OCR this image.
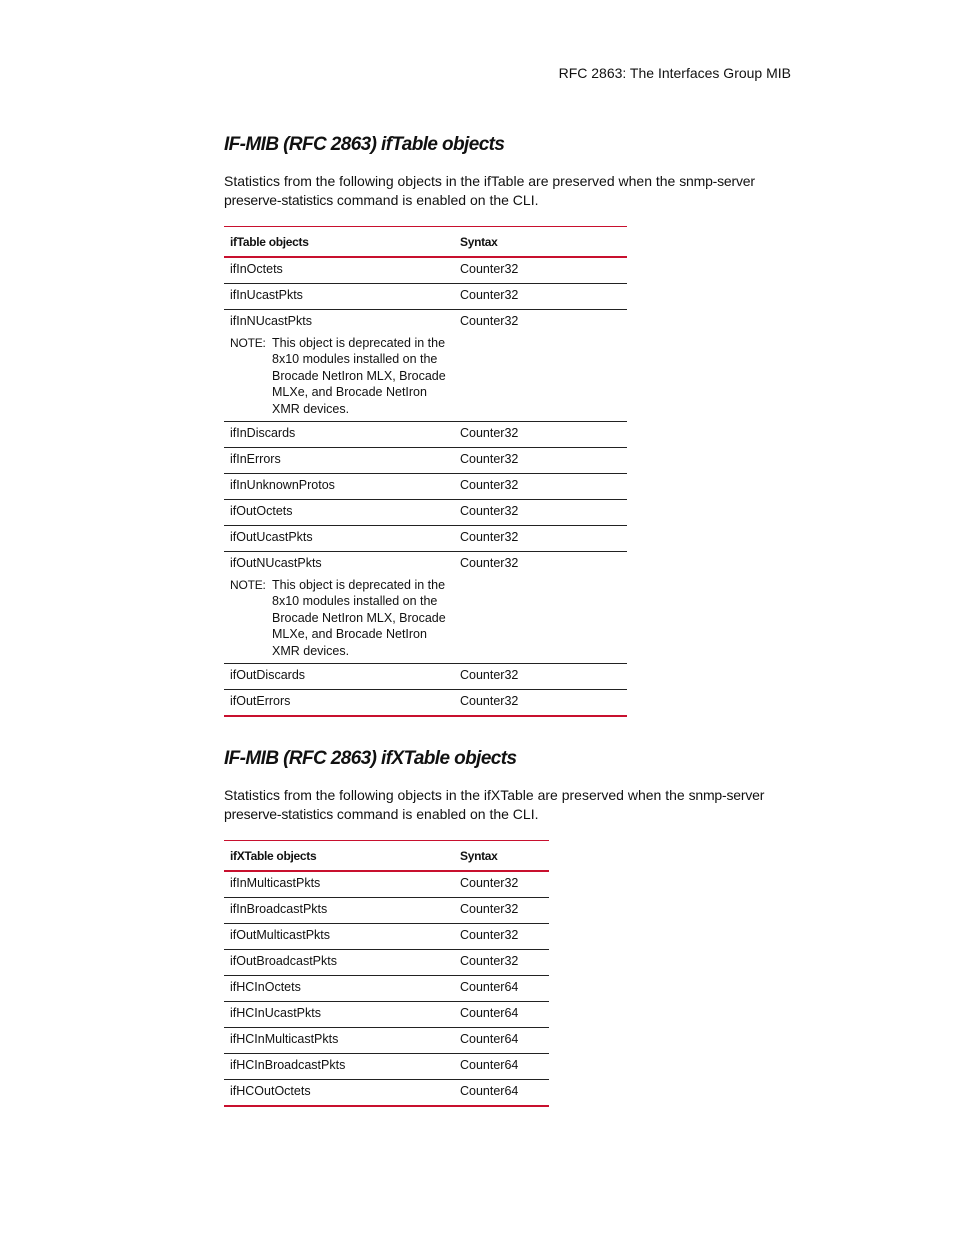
RFC 2863: The Interfaces Group MIB
IF-MIB (RFC 2863) ifTable objects

Statistics from the following objects in the ifTable are preserved when the snmp-server preserve-statistics command is enabled on the CLI.

ifTable objects	Syntax

ifInOctets	Counter32

ifInUcastPkts	Counter32

ifInNUcastPkts
NOTE: This object is deprecated in the 8x10 modules installed on the Brocade NetIron MLX, Brocade MLXe, and Brocade NetIron XMR devices.	Counter32

ifInDiscards	Counter32

ifInErrors	Counter32

ifInUnknownProtos	Counter32

ifOutOctets	Counter32

ifOutUcastPkts	Counter32

ifOutNUcastPkts
NOTE: This object is deprecated in the 8x10 modules installed on the Brocade NetIron MLX, Brocade MLXe, and Brocade NetIron XMR devices.	Counter32

ifOutDiscards	Counter32

ifOutErrors	Counter32
IF-MIB (RFC 2863) ifXTable objects

Statistics from the following objects in the ifXTable are preserved when the snmp-server preserve-statistics command is enabled on the CLI.

ifXTable objects	Syntax

ifInMulticastPkts	Counter32

ifInBroadcastPkts	Counter32

ifOutMulticastPkts	Counter32

ifOutBroadcastPkts	Counter32

ifHCInOctets	Counter64

ifHCInUcastPkts	Counter64

ifHCInMulticastPkts	Counter64

ifHCInBroadcastPkts	Counter64

ifHCOutOctets	Counter64
